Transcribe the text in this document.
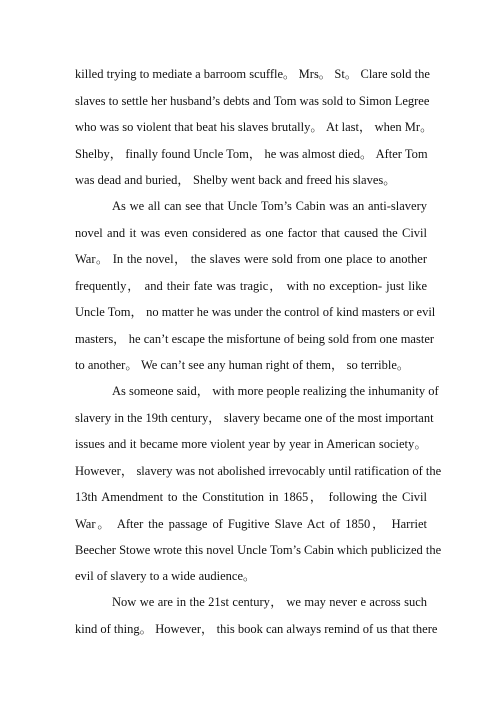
killed trying to mediate a barroom scuffle。 Mrs。 St。 Clare sold the
slaves to settle her husband’s debts and Tom was sold to Simon Legree
who was so violent that beat his slaves brutally。 At last， when Mr。
Shelby， finally found Uncle Tom， he was almost died。 After Tom
was dead and buried， Shelby went back and freed his slaves。
As we all can see that Uncle Tom’s Cabin was an anti-slavery
novel and it was even considered as one factor that caused the Civil
War。 In the novel， the slaves were sold from one place to another
frequently， and their fate was tragic， with no exception- just like
Uncle Tom， no matter he was under the control of kind masters or evil
masters， he can’t escape the misfortune of being sold from one master
to another。 We can’t see any human right of them， so terrible。
As someone said， with more people realizing the inhumanity of
slavery in the 19th century， slavery became one of the most important
issues and it became more violent year by year in American society。
However， slavery was not abolished irrevocably until ratification of the
13th Amendment to the Constitution in 1865， following the Civil
War。 After the passage of Fugitive Slave Act of 1850， Harriet
Beecher Stowe wrote this novel Uncle Tom’s Cabin which publicized the
evil of slavery to a wide audience。
Now we are in the 21st century， we may never e across such
kind of thing。 However， this book can always remind of us that there
